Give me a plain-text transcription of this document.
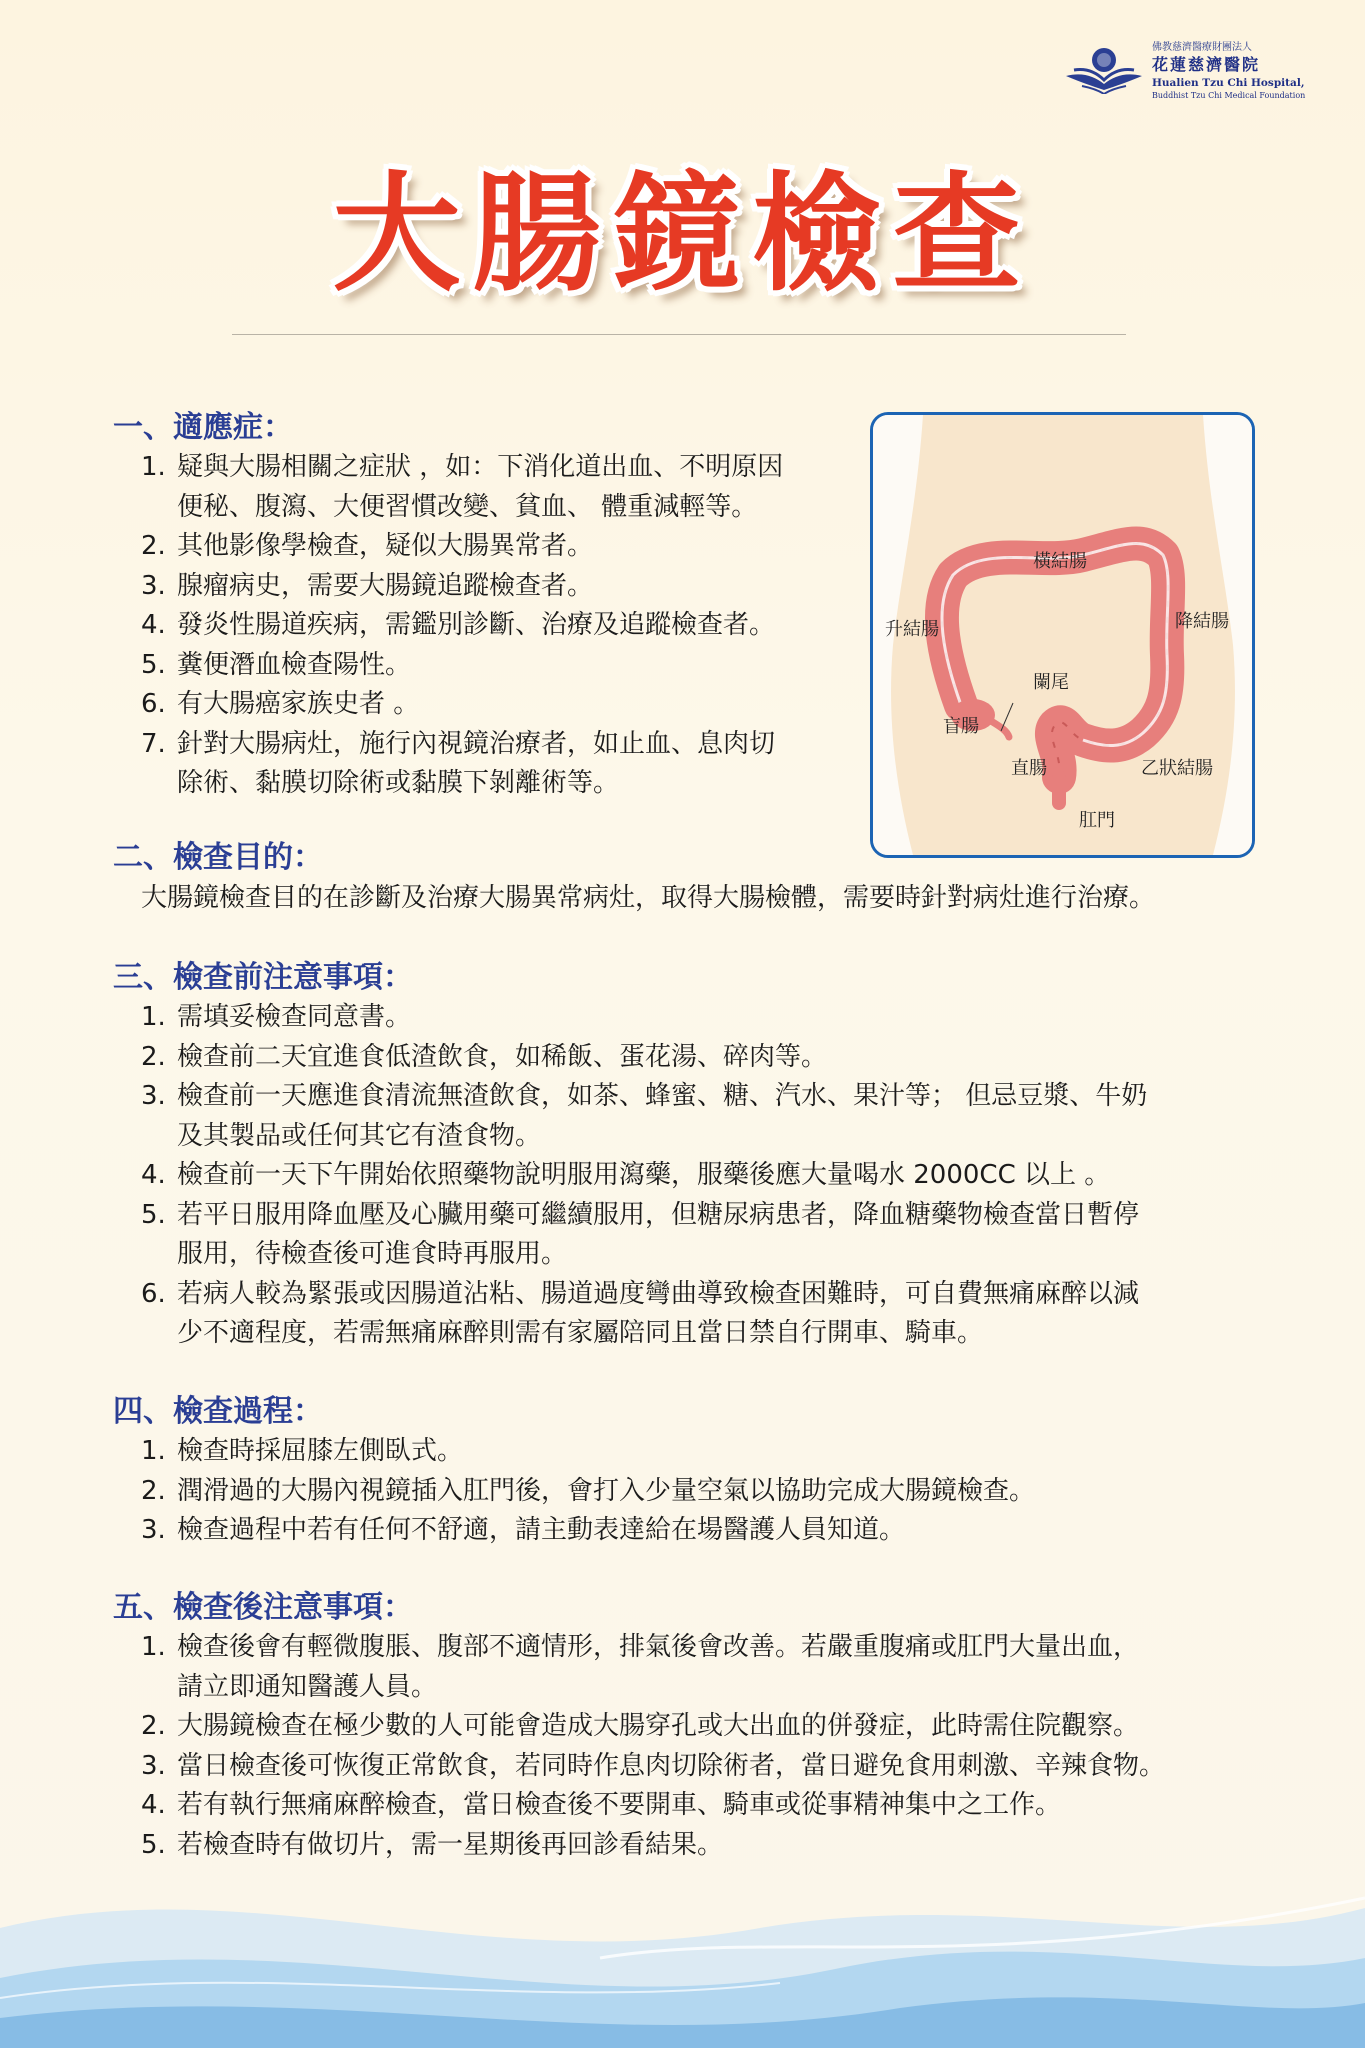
佛教慈濟醫療財團法人
花蓮慈濟醫院
Hualien Tzu Chi Hospital,
Buddhist Tzu Chi Medical Foundation
大腸鏡檢查
一、適應症：
1. 疑與大腸相關之症狀 ，如：下消化道出血、不明原因
便秘、腹瀉、大便習慣改變、貧血、 體重減輕等。
2. 其他影像學檢查，疑似大腸異常者。
3. 腺瘤病史，需要大腸鏡追蹤檢查者。
4. 發炎性腸道疾病，需鑑別診斷、治療及追蹤檢查者。
5. 糞便潛血檢查陽性。
6. 有大腸癌家族史者 。
7. 針對大腸病灶，施行內視鏡治療者，如止血、息肉切
除術、黏膜切除術或黏膜下剝離術等。
橫結腸
升結腸	降結腸
闌尾
盲腸
直腸	乙狀結腸
肛門
二、檢查目的：
大腸鏡檢查目的在診斷及治療大腸異常病灶，取得大腸檢體，需要時針對病灶進行治療。
三、檢查前注意事項：
1. 需填妥檢查同意書。
2. 檢查前二天宜進食低渣飲食，如稀飯、蛋花湯、碎肉等。
3. 檢查前一天應進食清流無渣飲食，如茶、蜂蜜、糖、汽水、果汁等； 但忌豆漿、牛奶
及其製品或任何其它有渣食物。
4. 檢查前一天下午開始依照藥物說明服用瀉藥，服藥後應大量喝水 2000CC 以上 。
5. 若平日服用降血壓及心臟用藥可繼續服用，但糖尿病患者，降血糖藥物檢查當日暫停
服用，待檢查後可進食時再服用。
6. 若病人較為緊張或因腸道沾粘、腸道過度彎曲導致檢查困難時，可自費無痛麻醉以減
少不適程度，若需無痛麻醉則需有家屬陪同且當日禁自行開車、騎車。
四、檢查過程：
1. 檢查時採屈膝左側臥式。
2. 潤滑過的大腸內視鏡插入肛門後，會打入少量空氣以協助完成大腸鏡檢查。
3. 檢查過程中若有任何不舒適，請主動表達給在場醫護人員知道。
五、檢查後注意事項：
1. 檢查後會有輕微腹脹、腹部不適情形，排氣後會改善。若嚴重腹痛或肛門大量出血，
請立即通知醫護人員。
2. 大腸鏡檢查在極少數的人可能會造成大腸穿孔或大出血的併發症，此時需住院觀察。
3. 當日檢查後可恢復正常飲食，若同時作息肉切除術者，當日避免食用刺激、辛辣食物。
4. 若有執行無痛麻醉檢查，當日檢查後不要開車、騎車或從事精神集中之工作。
5. 若檢查時有做切片，需一星期後再回診看結果。
